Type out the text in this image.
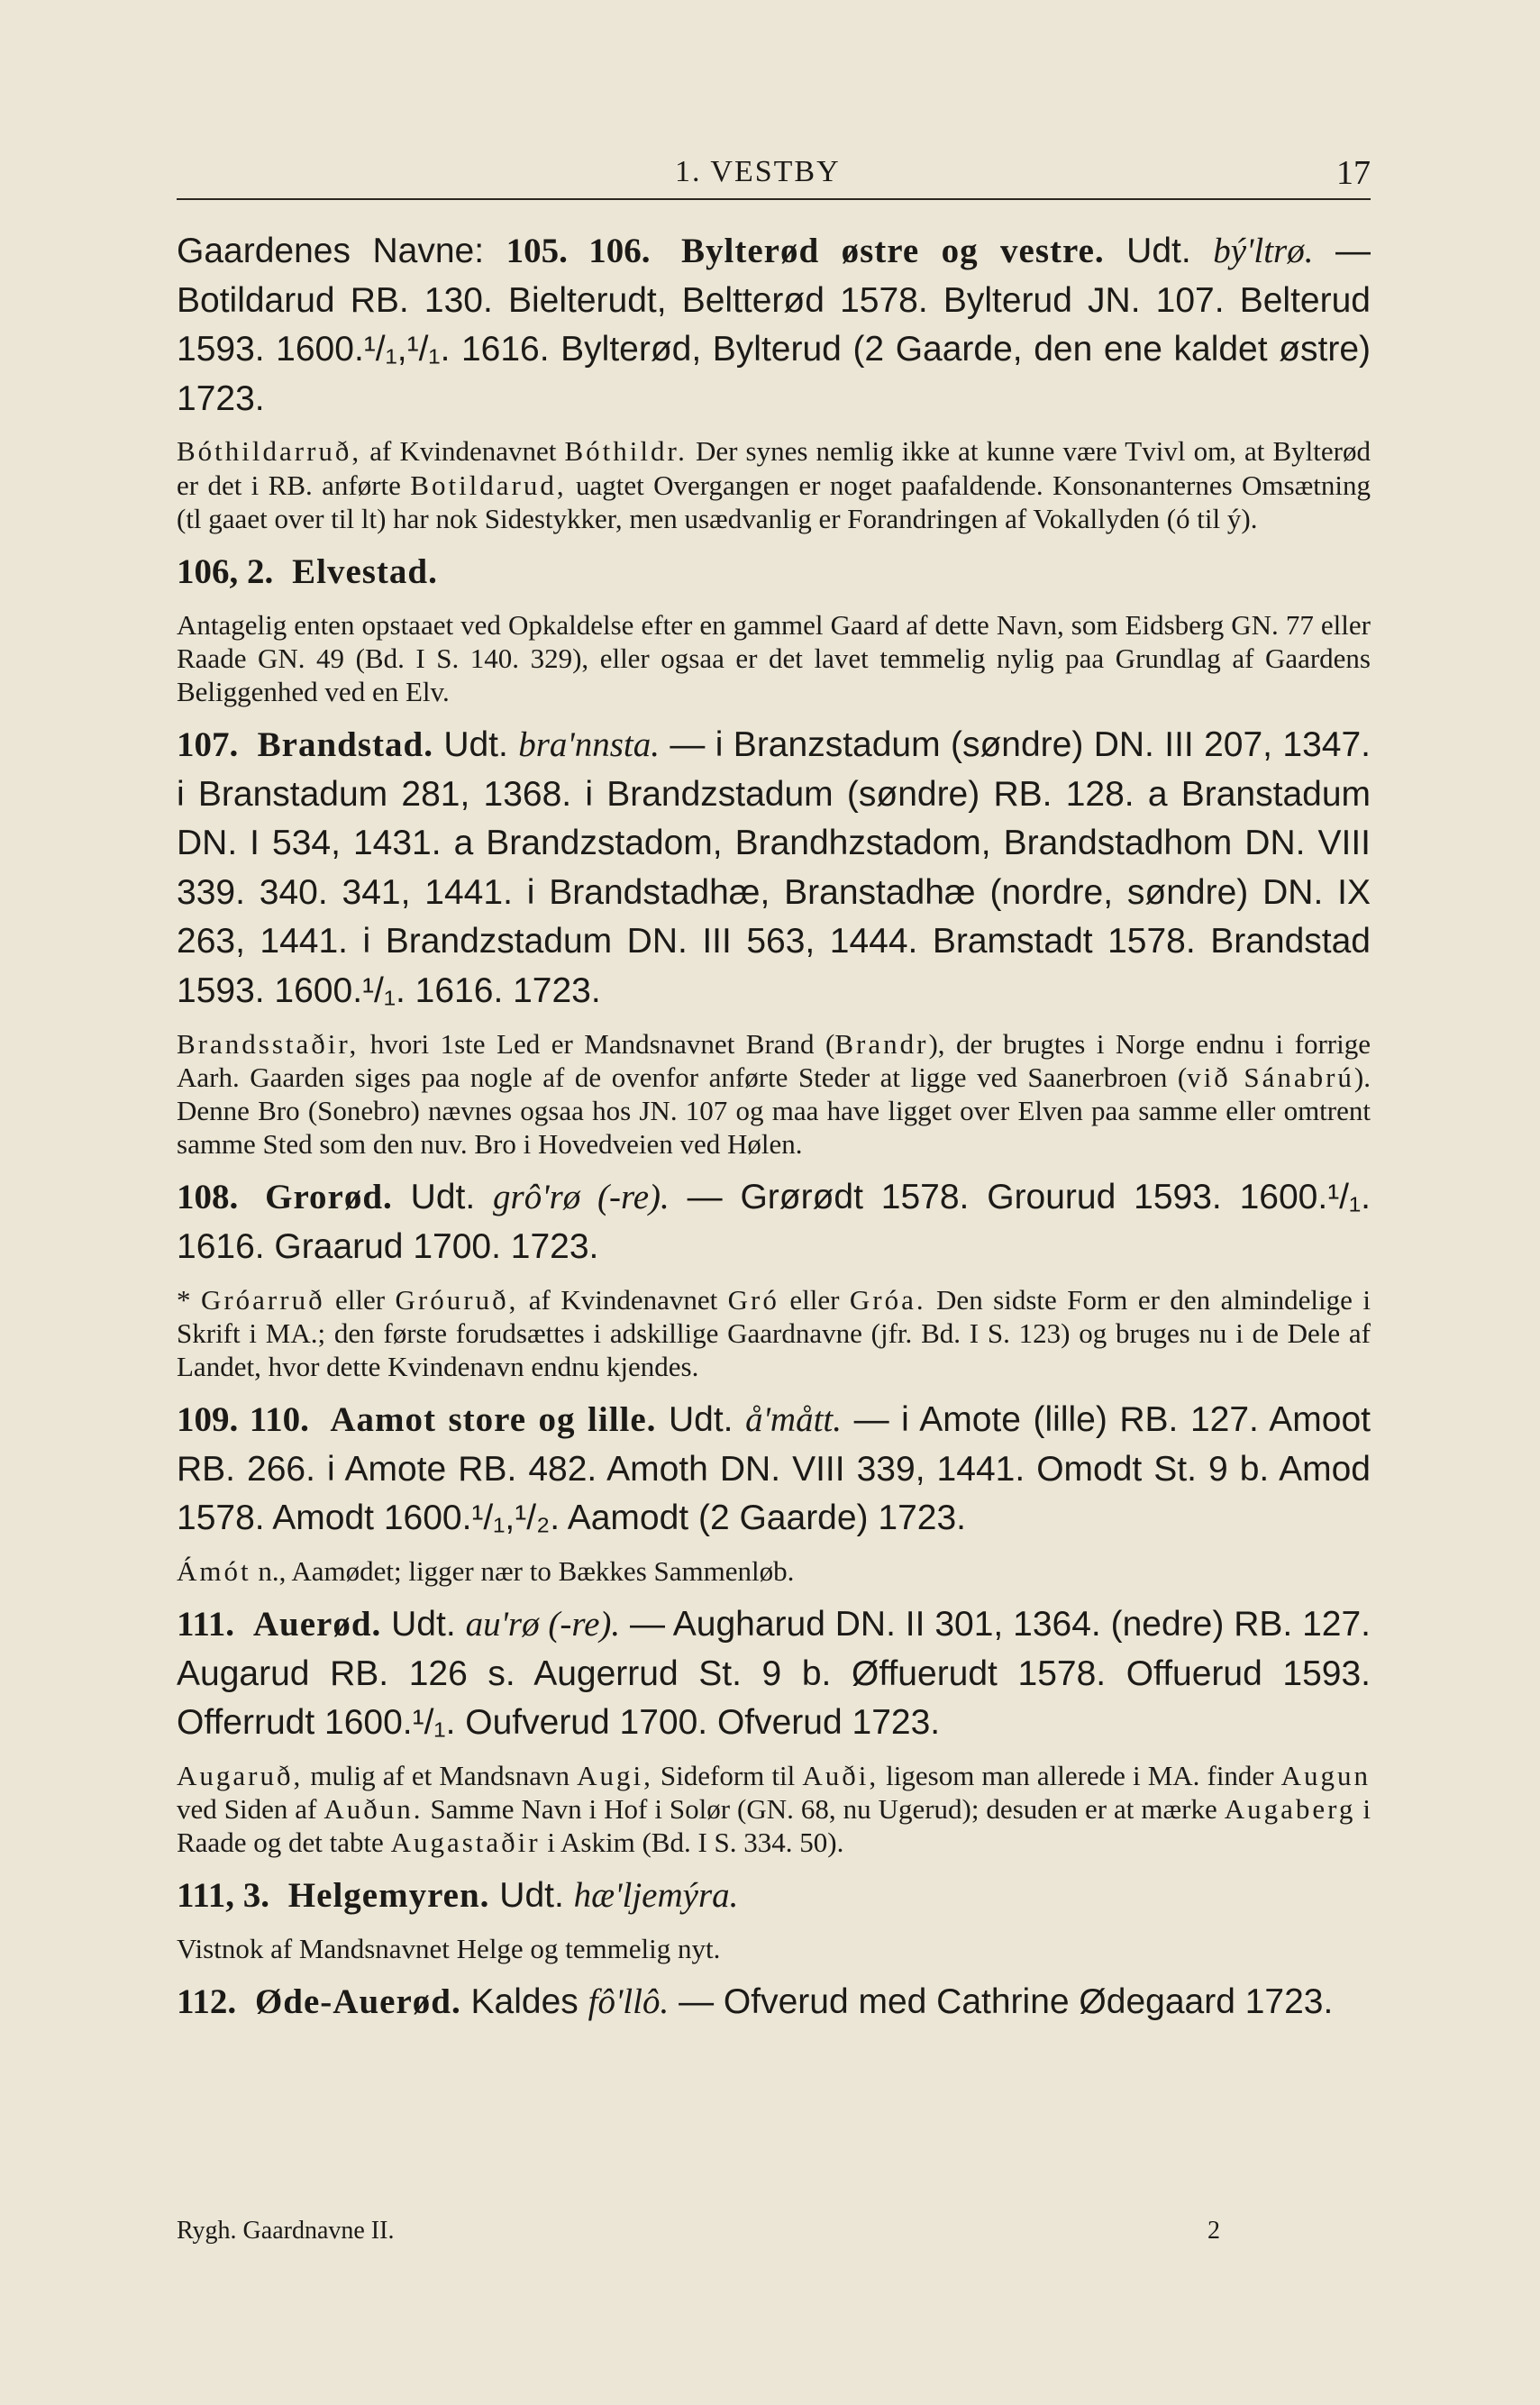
1. VESTBY	17

Gaardenes Navne: 105. 106. Bylterød østre og vestre. Udt. bý'ltrø. — Botildarud RB. 130. Bielterudt, Beltterød 1578. Bylterud JN. 107. Belterud 1593. 1600.¹/₁,¹/₁. 1616. Bylterød, Bylterud (2 Gaarde, den ene kaldet østre) 1723.

Bóthildarruð, af Kvindenavnet Bóthildr. Der synes nemlig ikke at kunne være Tvivl om, at Bylterød er det i RB. anførte Botildarud, uagtet Overgangen er noget paafaldende. Konsonanternes Omsætning (tl gaaet over til lt) har nok Sidestykker, men usædvanlig er Forandringen af Vokallyden (ó til ý).

106, 2. Elvestad.

Antagelig enten opstaaet ved Opkaldelse efter en gammel Gaard af dette Navn, som Eidsberg GN. 77 eller Raade GN. 49 (Bd. I S. 140. 329), eller ogsaa er det lavet temmelig nylig paa Grundlag af Gaardens Beliggenhed ved en Elv.

107. Brandstad. Udt. bra'nnsta. — i Branzstadum (søndre) DN. III 207, 1347. i Branstadum 281, 1368. i Brandzstadum (søndre) RB. 128. a Branstadum DN. I 534, 1431. a Brandzstadom, Brandhzstadom, Brandstadhom DN. VIII 339. 340. 341, 1441. i Brandstadhæ, Branstadhæ (nordre, søndre) DN. IX 263, 1441. i Brandzstadum DN. III 563, 1444. Bramstadt 1578. Brandstad 1593. 1600.¹/₁. 1616. 1723.

Brandsstaðir, hvori 1ste Led er Mandsnavnet Brand (Brandr), der brugtes i Norge endnu i forrige Aarh. Gaarden siges paa nogle af de ovenfor anførte Steder at ligge ved Saanerbroen (við Sánabrú). Denne Bro (Sonebro) nævnes ogsaa hos JN. 107 og maa have ligget over Elven paa samme eller omtrent samme Sted som den nuv. Bro i Hovedveien ved Hølen.

108. Grorød. Udt. grô'rø (-re). — Grørødt 1578. Grourud 1593. 1600.¹/₁. 1616. Graarud 1700. 1723.

* Gróarruð eller Gróuruð, af Kvindenavnet Gró eller Gróa. Den sidste Form er den almindelige i Skrift i MA.; den første forudsættes i adskillige Gaardnavne (jfr. Bd. I S. 123) og bruges nu i de Dele af Landet, hvor dette Kvindenavn endnu kjendes.

109. 110. Aamot store og lille. Udt. å'mått. — i Amote (lille) RB. 127. Amoot RB. 266. i Amote RB. 482. Amoth DN. VIII 339, 1441. Omodt St. 9 b. Amod 1578. Amodt 1600.¹/₁,¹/₂. Aamodt (2 Gaarde) 1723.

Ámót n., Aamødet; ligger nær to Bækkes Sammenløb.

111. Auerød. Udt. au'rø (-re). — Augharud DN. II 301, 1364. (nedre) RB. 127. Augarud RB. 126 s. Augerrud St. 9 b. Øffuerudt 1578. Offuerud 1593. Offerrudt 1600.¹/₁. Oufverud 1700. Ofverud 1723.

Augaruð, mulig af et Mandsnavn Augi, Sideform til Auði, ligesom man allerede i MA. finder Augun ved Siden af Auðun. Samme Navn i Hof i Solør (GN. 68, nu Ugerud); desuden er at mærke Augaberg i Raade og det tabte Augastaðir i Askim (Bd. I S. 334. 50).

111, 3. Helgemyren. Udt. hæ'ljemýra.

Vistnok af Mandsnavnet Helge og temmelig nyt.

112. Øde-Auerød. Kaldes fô'llô. — Ofverud med Cathrine Ødegaard 1723.

Rygh. Gaardnavne II.	2
